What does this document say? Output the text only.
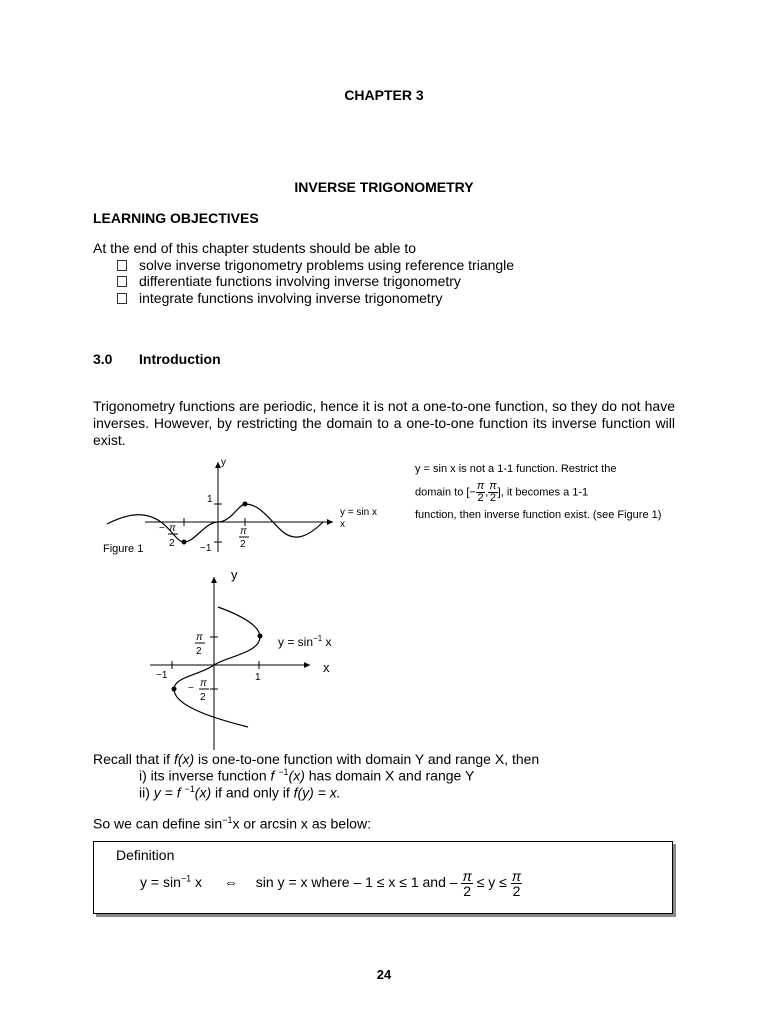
CHAPTER 3
INVERSE TRIGONOMETRY
LEARNING OBJECTIVES
At the end of this chapter students should be able to
solve inverse trigonometry problems using reference triangle
differentiate functions involving inverse trigonometry
integrate functions involving inverse trigonometry
3.0 Introduction
Trigonometry functions are periodic, hence it is not a one-to-one function, so they do not have inverses. However, by restricting the domain to a one-to-one function its inverse function will exist.
y = sin x is not a 1-1 function. Restrict the
domain to [− $\frac{\pi}{2}$ , $\frac{\pi}{2}$ ], it becomes a 1-1
function, then inverse function exist. (see Figure 1)
y
1
−1
π
2
− π
2
y = sin x
x
Figure 1
y
x
π
2
− π
2
1
−1
$y = \sin^{-1} x$
Recall that if f(x) is one-to-one function with domain Y and range X, then
i) its inverse function f $^{-1}$(x) has domain X and range Y
ii) y = f $^{-1}$(x) if and only if f(y) = x.
So we can define $\sin^{-1}x$ or arcsin x as below:
Definition
$y = \sin^{-1} x$ ⇔ sin y = x where – 1 ≤ x ≤ 1 and – $\frac{\pi}{2} \le y \le \frac{\pi}{2}$
24
